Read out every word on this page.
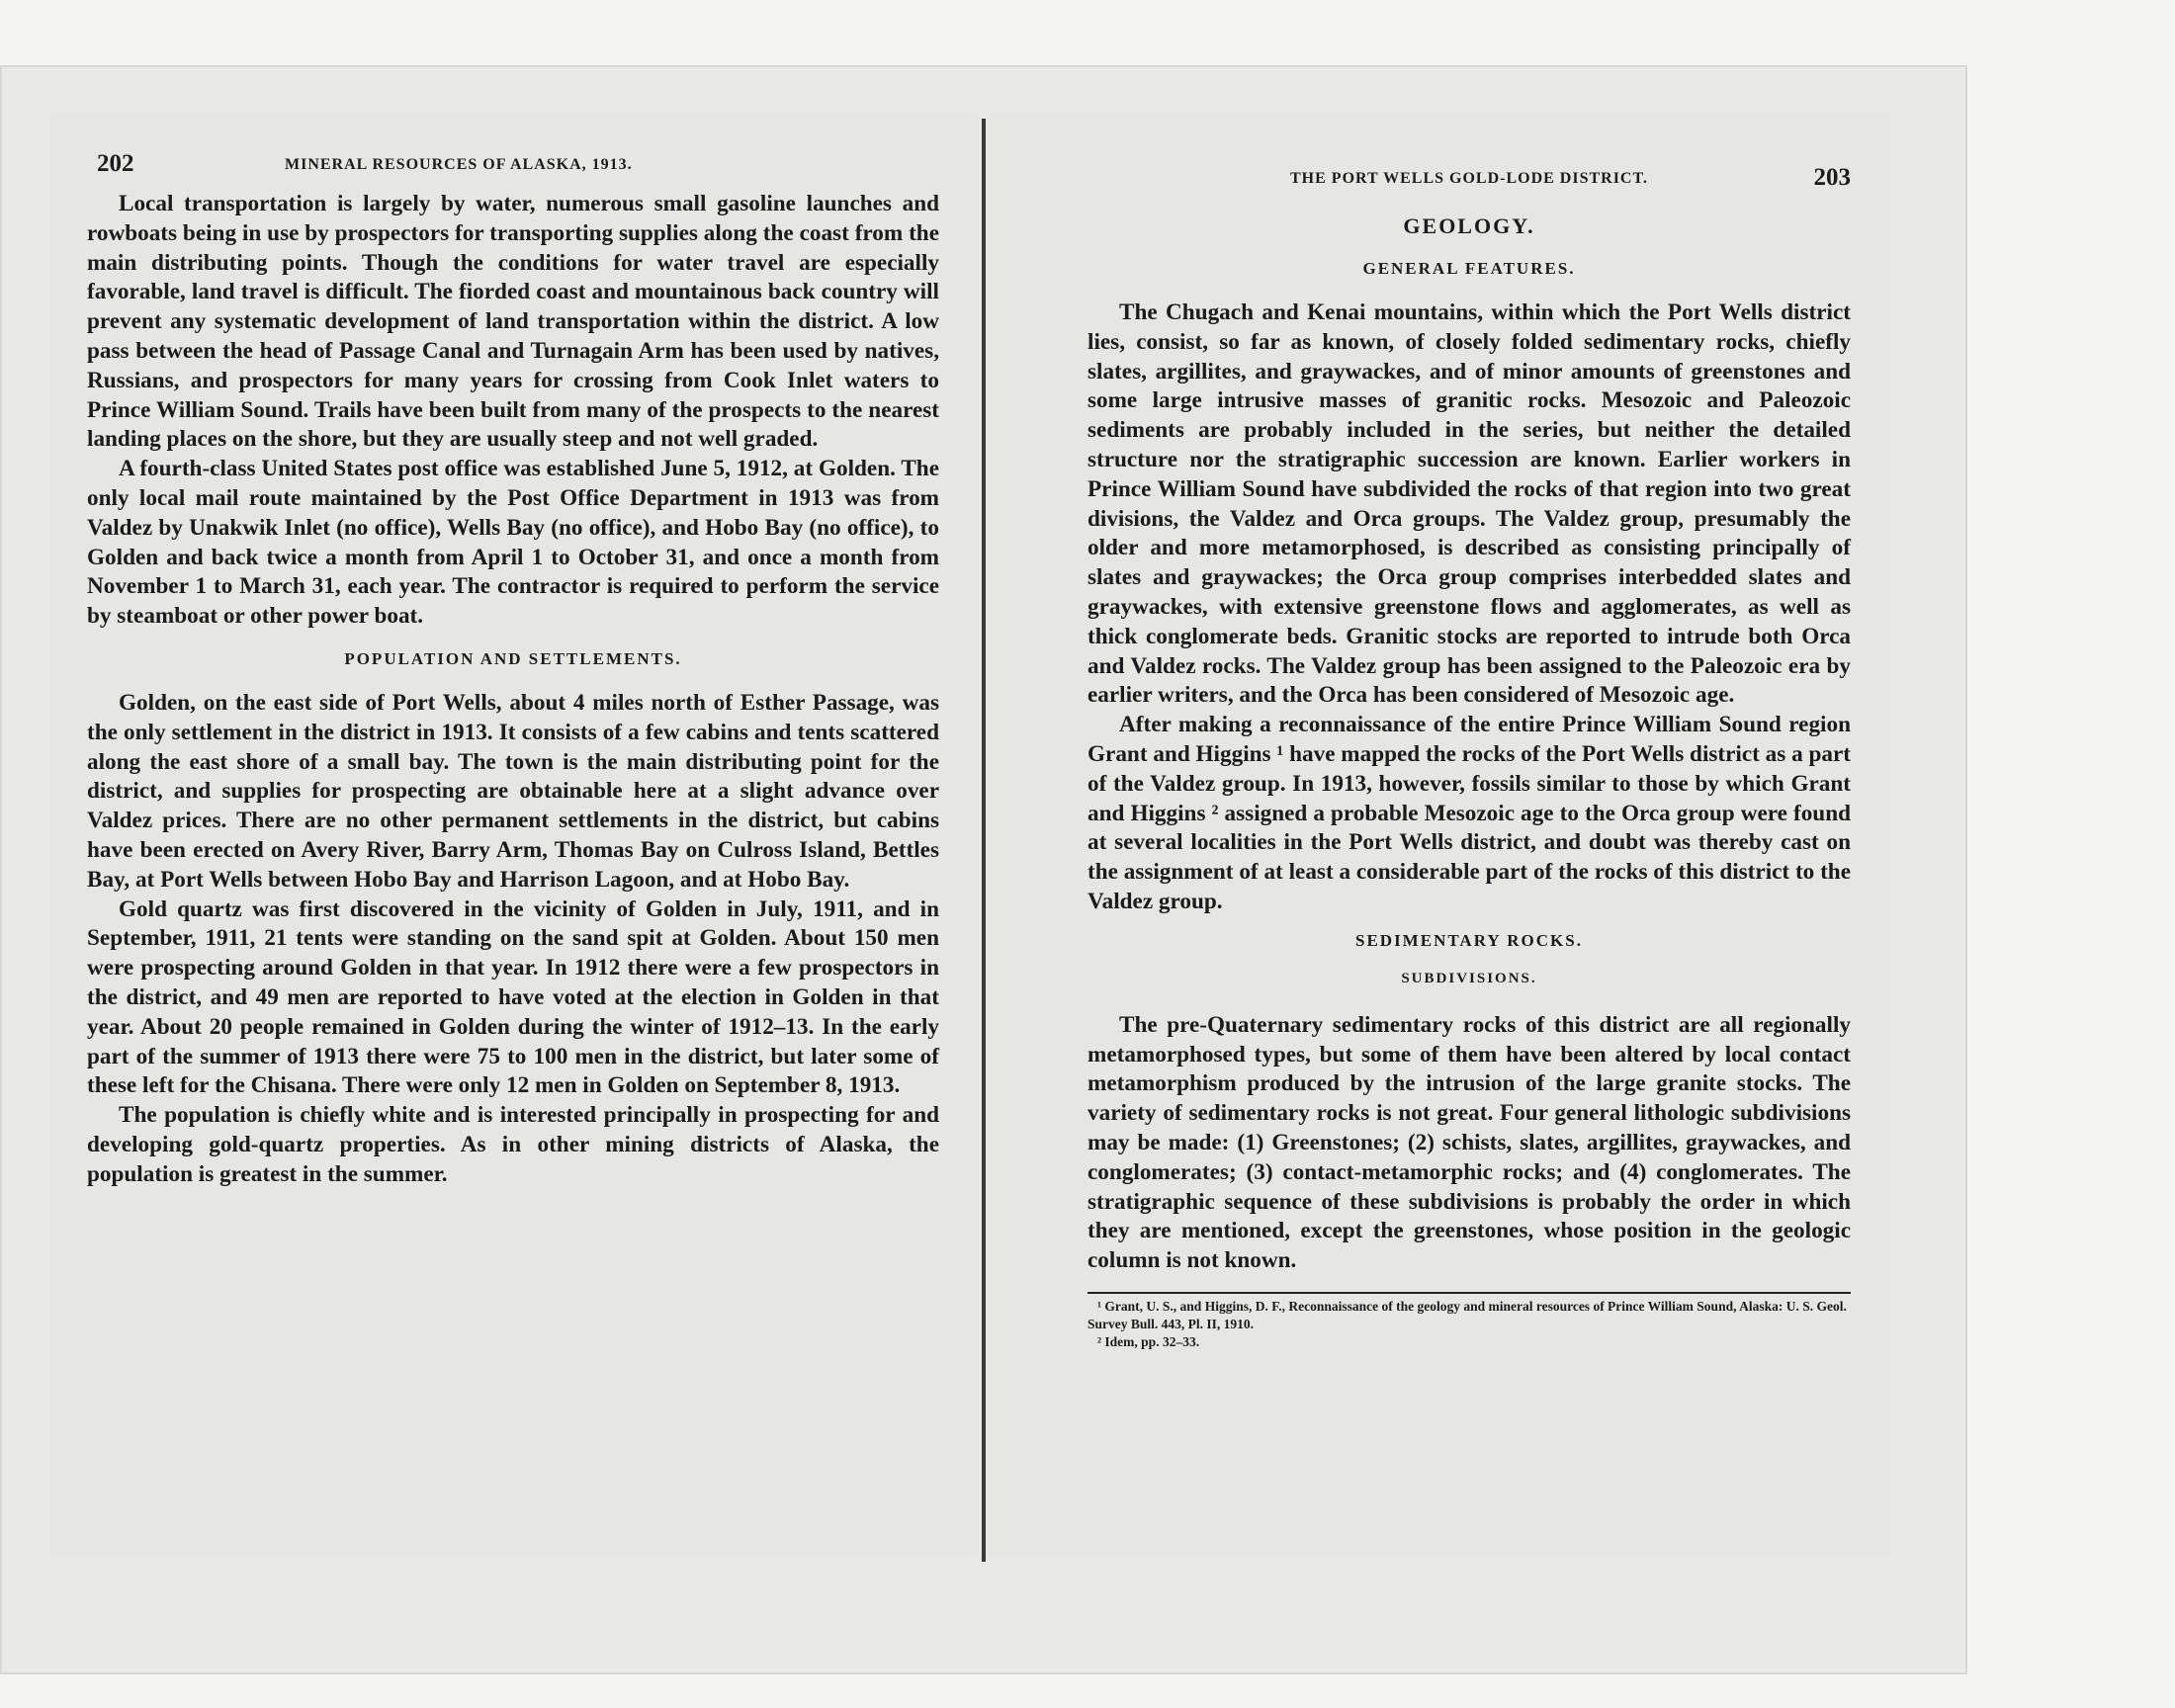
202	MINERAL RESOURCES OF ALASKA, 1913.

Local transportation is largely by water, numerous small gasoline launches and rowboats being in use by prospectors for transporting supplies along the coast from the main distributing points. Though the conditions for water travel are especially favorable, land travel is difficult. The fiorded coast and mountainous back country will prevent any systematic development of land transportation within the district. A low pass between the head of Passage Canal and Turnagain Arm has been used by natives, Russians, and prospectors for many years for crossing from Cook Inlet waters to Prince William Sound. Trails have been built from many of the prospects to the nearest landing places on the shore, but they are usually steep and not well graded.

A fourth-class United States post office was established June 5, 1912, at Golden. The only local mail route maintained by the Post Office Department in 1913 was from Valdez by Unakwik Inlet (no office), Wells Bay (no office), and Hobo Bay (no office), to Golden and back twice a month from April 1 to October 31, and once a month from November 1 to March 31, each year. The contractor is required to perform the service by steamboat or other power boat.

POPULATION AND SETTLEMENTS.

Golden, on the east side of Port Wells, about 4 miles north of Esther Passage, was the only settlement in the district in 1913. It consists of a few cabins and tents scattered along the east shore of a small bay. The town is the main distributing point for the district, and supplies for prospecting are obtainable here at a slight advance over Valdez prices. There are no other permanent settlements in the district, but cabins have been erected on Avery River, Barry Arm, Thomas Bay on Culross Island, Bettles Bay, at Port Wells between Hobo Bay and Harrison Lagoon, and at Hobo Bay.

Gold quartz was first discovered in the vicinity of Golden in July, 1911, and in September, 1911, 21 tents were standing on the sand spit at Golden. About 150 men were prospecting around Golden in that year. In 1912 there were a few prospectors in the district, and 49 men are reported to have voted at the election in Golden in that year. About 20 people remained in Golden during the winter of 1912–13. In the early part of the summer of 1913 there were 75 to 100 men in the district, but later some of these left for the Chisana. There were only 12 men in Golden on September 8, 1913.

The population is chiefly white and is interested principally in prospecting for and developing gold-quartz properties. As in other mining districts of Alaska, the population is greatest in the summer.

THE PORT WELLS GOLD-LODE DISTRICT.	203
GEOLOGY.
GENERAL FEATURES.

The Chugach and Kenai mountains, within which the Port Wells district lies, consist, so far as known, of closely folded sedimentary rocks, chiefly slates, argillites, and graywackes, and of minor amounts of greenstones and some large intrusive masses of granitic rocks. Mesozoic and Paleozoic sediments are probably included in the series, but neither the detailed structure nor the stratigraphic succession are known. Earlier workers in Prince William Sound have subdivided the rocks of that region into two great divisions, the Valdez and Orca groups. The Valdez group, presumably the older and more metamorphosed, is described as consisting principally of slates and graywackes; the Orca group comprises interbedded slates and graywackes, with extensive greenstone flows and agglomerates, as well as thick conglomerate beds. Granitic stocks are reported to intrude both Orca and Valdez rocks. The Valdez group has been assigned to the Paleozoic era by earlier writers, and the Orca has been considered of Mesozoic age.

After making a reconnaissance of the entire Prince William Sound region Grant and Higgins ¹ have mapped the rocks of the Port Wells district as a part of the Valdez group. In 1913, however, fossils similar to those by which Grant and Higgins ² assigned a probable Mesozoic age to the Orca group were found at several localities in the Port Wells district, and doubt was thereby cast on the assignment of at least a considerable part of the rocks of this district to the Valdez group.

SEDIMENTARY ROCKS.
SUBDIVISIONS.

The pre-Quaternary sedimentary rocks of this district are all regionally metamorphosed types, but some of them have been altered by local contact metamorphism produced by the intrusion of the large granite stocks. The variety of sedimentary rocks is not great. Four general lithologic subdivisions may be made: (1) Greenstones; (2) schists, slates, argillites, graywackes, and conglomerates; (3) contact-metamorphic rocks; and (4) conglomerates. The stratigraphic sequence of these subdivisions is probably the order in which they are mentioned, except the greenstones, whose position in the geologic column is not known.

¹ Grant, U. S., and Higgins, D. F., Reconnaissance of the geology and mineral resources of Prince William Sound, Alaska: U. S. Geol. Survey Bull. 443, Pl. II, 1910.
² Idem, pp. 32–33.
